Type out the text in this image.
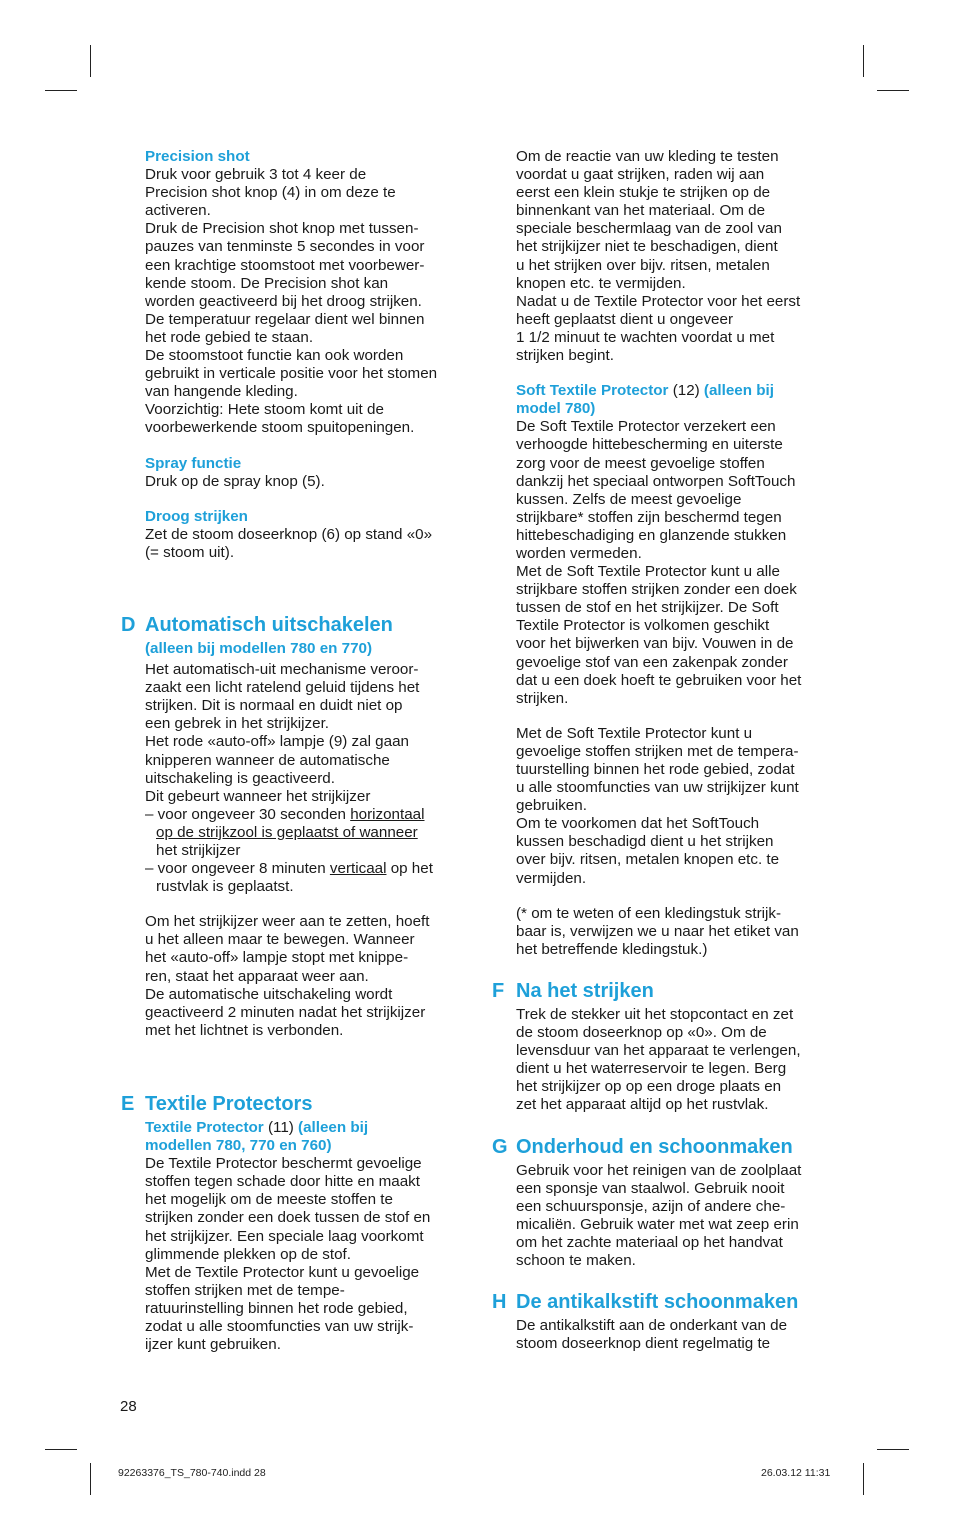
Precision shot
Druk voor gebruik 3 tot 4 keer de
Precision shot knop (4) in om deze te
activeren.
Druk de Precision shot knop met tussen-
pauzes van tenminste 5 secondes in voor
een krachtige stoomstoot met voorbewer-
kende stoom. De Precision shot kan
worden geactiveerd bij het droog strijken.
De temperatuur regelaar dient wel binnen
het rode gebied te staan.
De stoomstoot functie kan ook worden
gebruikt in verticale positie voor het stomen
van hangende kleding.
Voorzichtig: Hete stoom komt uit de
voorbewerkende stoom spuitopeningen.
Spray functie
Druk op de spray knop (5).
Droog strijken
Zet de stoom doseerknop (6) op stand «0»
(= stoom uit).
D Automatisch uitschakelen
(alleen bij modellen 780 en 770)
Het automatisch-uit mechanisme veroor-
zaakt een licht ratelend geluid tijdens het
strijken. Dit is normaal en duidt niet op
een gebrek in het strijkijzer.
Het rode «auto-off» lampje (9) zal gaan
knipperen wanneer de automatische
uitschakeling is geactiveerd.
Dit gebeurt wanneer het strijkijzer
– voor ongeveer 30 seconden horizontaal
op de strijkzool is geplaatst of wanneer
het strijkijzer
– voor ongeveer 8 minuten verticaal op het
rustvlak is geplaatst.
Om het strijkijzer weer aan te zetten, hoeft
u het alleen maar te bewegen. Wanneer
het «auto-off» lampje stopt met knippe-
ren, staat het apparaat weer aan.
De automatische uitschakeling wordt
geactiveerd 2 minuten nadat het strijkijzer
met het lichtnet is verbonden.
E Textile Protectors
Textile Protector (11) (alleen bij
modellen 780, 770 en 760)
De Textile Protector beschermt gevoelige
stoffen tegen schade door hitte en maakt
het mogelijk om de meeste stoffen te
strijken zonder een doek tussen de stof en
het strijkijzer. Een speciale laag voorkomt
glimmende plekken op de stof.
Met de Textile Protector kunt u gevoelige
stoffen strijken met de tempe-
ratuurinstelling binnen het rode gebied,
zodat u alle stoomfuncties van uw strijk-
ijzer kunt gebruiken.
Om de reactie van uw kleding te testen
voordat u gaat strijken, raden wij aan
eerst een klein stukje te strijken op de
binnenkant van het materiaal. Om de
speciale beschermlaag van de zool van
het strijkijzer niet te beschadigen, dient
u het strijken over bijv. ritsen, metalen
knopen etc. te vermijden.
Nadat u de Textile Protector voor het eerst
heeft geplaatst dient u ongeveer
1 1/2 minuut te wachten voordat u met
strijken begint.
Soft Textile Protector (12) (alleen bij
model 780)
De Soft Textile Protector verzekert een
verhoogde hittebescherming en uiterste
zorg voor de meest gevoelige stoffen
dankzij het speciaal ontworpen SoftTouch
kussen. Zelfs de meest gevoelige
strijkbare* stoffen zijn beschermd tegen
hittebeschadiging en glanzende stukken
worden vermeden.
Met de Soft Textile Protector kunt u alle
strijkbare stoffen strijken zonder een doek
tussen de stof en het strijkijzer. De Soft
Textile Protector is volkomen geschikt
voor het bijwerken van bijv. Vouwen in de
gevoelige stof van een zakenpak zonder
dat u een doek hoeft te gebruiken voor het
strijken.
Met de Soft Textile Protector kunt u
gevoelige stoffen strijken met de tempera-
tuurstelling binnen het rode gebied, zodat
u alle stoomfuncties van uw strijkijzer kunt
gebruiken.
Om te voorkomen dat het SoftTouch
kussen beschadigd dient u het strijken
over bijv. ritsen, metalen knopen etc. te
vermijden.
(* om te weten of een kledingstuk strijk-
baar is, verwijzen we u naar het etiket van
het betreffende kledingstuk.)
F Na het strijken
Trek de stekker uit het stopcontact en zet
de stoom doseerknop op «0». Om de
levensduur van het apparaat te verlengen,
dient u het waterreservoir te legen. Berg
het strijkijzer op op een droge plaats en
zet het apparaat altijd op het rustvlak.
G Onderhoud en schoonmaken
Gebruik voor het reinigen van de zoolplaat
een sponsje van staalwol. Gebruik nooit
een schuursponsje, azijn of andere che-
micaliën. Gebruik water met wat zeep erin
om het zachte materiaal op het handvat
schoon te maken.
H De antikalkstift schoonmaken
De antikalkstift aan de onderkant van de
stoom doseerknop dient regelmatig te
28
92263376_TS_780-740.indd 28	26.03.12 11:31
